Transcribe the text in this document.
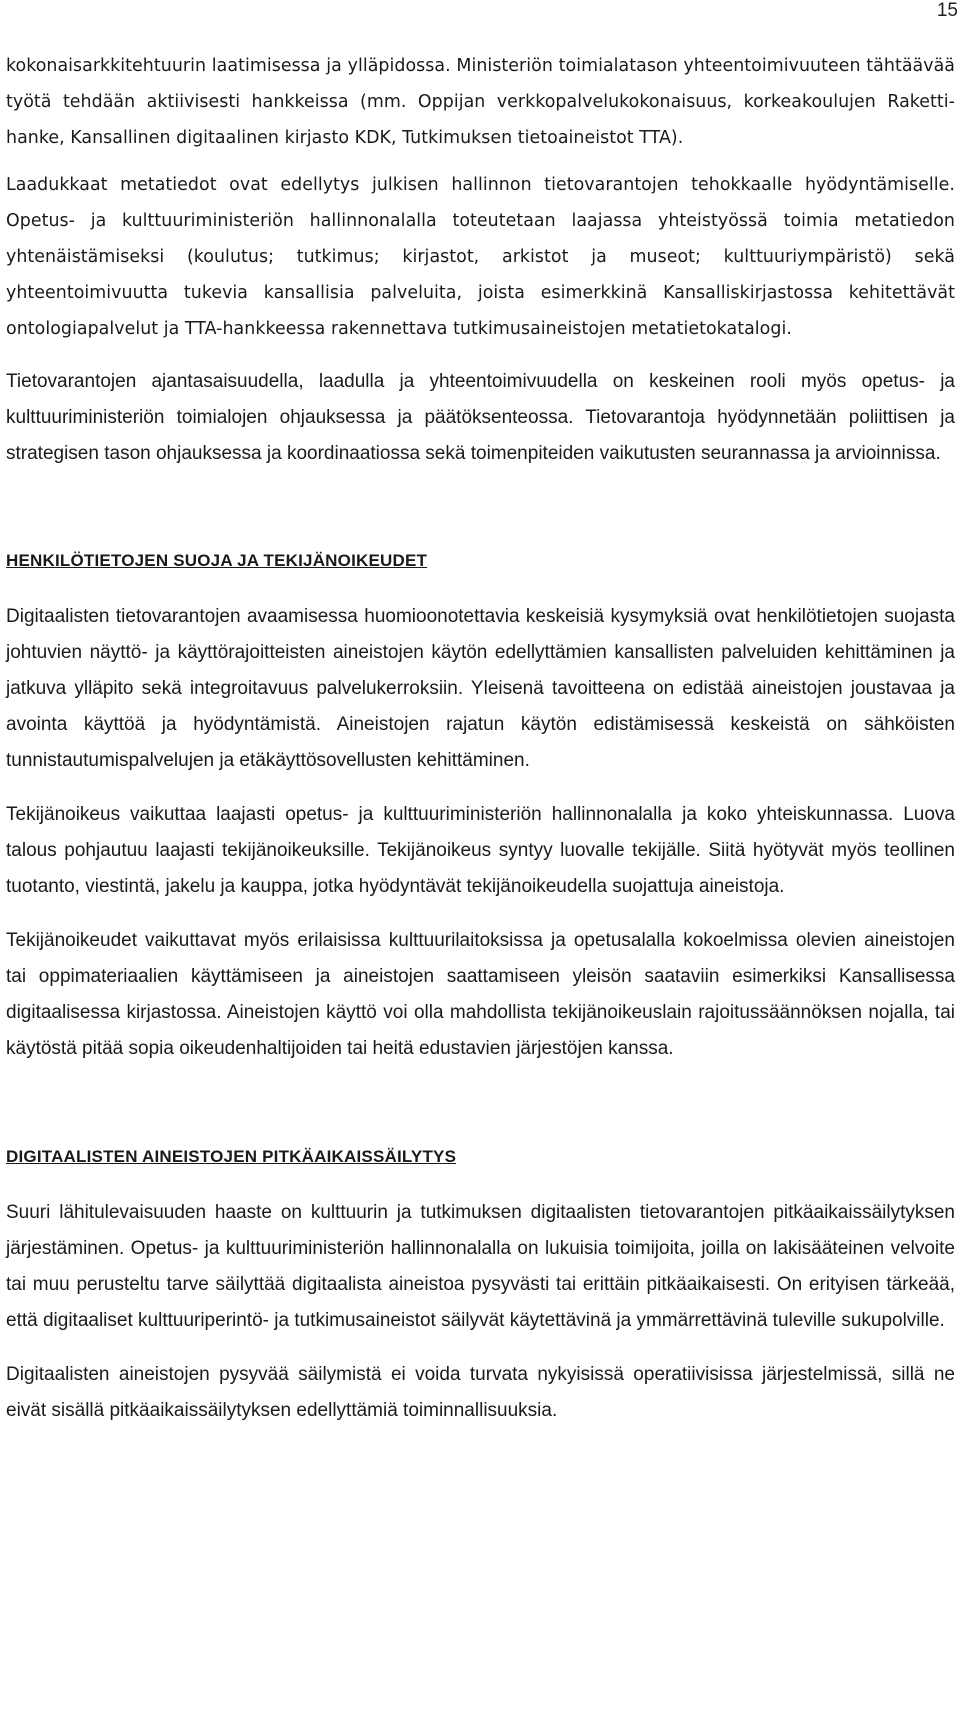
15

kokonaisarkkitehtuurin laatimisessa ja ylläpidossa. Ministeriön toimialatason yhteentoimivuuteen tähtäävää työtä tehdään aktiivisesti hankkeissa (mm. Oppijan verkkopalvelukokonaisuus, korkeakoulujen Raketti-hanke, Kansallinen digitaalinen kirjasto KDK, Tutkimuksen tietoaineistot TTA).

Laadukkaat metatiedot ovat edellytys julkisen hallinnon tietovarantojen tehokkaalle hyödyntämiselle. Opetus- ja kulttuuriministeriön hallinnonalalla toteutetaan laajassa yhteistyössä toimia metatiedon yhtenäistämiseksi (koulutus; tutkimus; kirjastot, arkistot ja museot; kulttuuriympäristö) sekä yhteentoimivuutta tukevia kansallisia palveluita, joista esimerkkinä Kansalliskirjastossa kehitettävät ontologiapalvelut ja TTA-hankkeessa rakennettava tutkimusaineistojen metatietokatalogi.

Tietovarantojen ajantasaisuudella, laadulla ja yhteentoimivuudella on keskeinen rooli myös opetus- ja kulttuuriministeriön toimialojen ohjauksessa ja päätöksenteossa. Tietovarantoja hyödynnetään poliittisen ja strategisen tason ohjauksessa ja koordinaatiossa sekä toimenpiteiden vaikutusten seurannassa ja arvioinnissa.

HENKILÖTIETOJEN SUOJA JA TEKIJÄNOIKEUDET

Digitaalisten tietovarantojen avaamisessa huomioonotettavia keskeisiä kysymyksiä ovat henkilötietojen suojasta johtuvien näyttö- ja käyttörajoitteisten aineistojen käytön edellyttämien kansallisten palveluiden kehittäminen ja jatkuva ylläpito sekä integroitavuus palvelukerroksiin. Yleisenä tavoitteena on edistää aineistojen joustavaa ja avointa käyttöä ja hyödyntämistä. Aineistojen rajatun käytön edistämisessä keskeistä on sähköisten tunnistautumispalvelujen ja etäkäyttösovellusten kehittäminen.

Tekijänoikeus vaikuttaa laajasti opetus- ja kulttuuriministeriön hallinnonalalla ja koko yhteiskunnassa. Luova talous pohjautuu laajasti tekijänoikeuksille. Tekijänoikeus syntyy luovalle tekijälle. Siitä hyötyvät myös teollinen tuotanto, viestintä, jakelu ja kauppa, jotka hyödyntävät tekijänoikeudella suojattuja aineistoja.

Tekijänoikeudet vaikuttavat myös erilaisissa kulttuurilaitoksissa ja opetusalalla kokoelmissa olevien aineistojen tai oppimateriaalien käyttämiseen ja aineistojen saattamiseen yleisön saataviin esimerkiksi Kansallisessa digitaalisessa kirjastossa. Aineistojen käyttö voi olla mahdollista tekijänoikeuslain rajoitussäännöksen nojalla, tai käytöstä pitää sopia oikeudenhaltijoiden tai heitä edustavien järjestöjen kanssa.

DIGITAALISTEN AINEISTOJEN PITKÄAIKAISSÄILYTYS

Suuri lähitulevaisuuden haaste on kulttuurin ja tutkimuksen digitaalisten tietovarantojen pitkäaikaissäilytyksen järjestäminen. Opetus- ja kulttuuriministeriön hallinnonalalla on lukuisia toimijoita, joilla on lakisääteinen velvoite tai muu perusteltu tarve säilyttää digitaalista aineistoa pysyvästi tai erittäin pitkäaikaisesti. On erityisen tärkeää, että digitaaliset kulttuuriperintö- ja tutkimusaineistot säilyvät käytettävinä ja ymmärrettävinä tuleville sukupolville.

Digitaalisten aineistojen pysyvää säilymistä ei voida turvata nykyisissä operatiivisissa järjestelmissä, sillä ne eivät sisällä pitkäaikaissäilytyksen edellyttämiä toiminnallisuuksia.
